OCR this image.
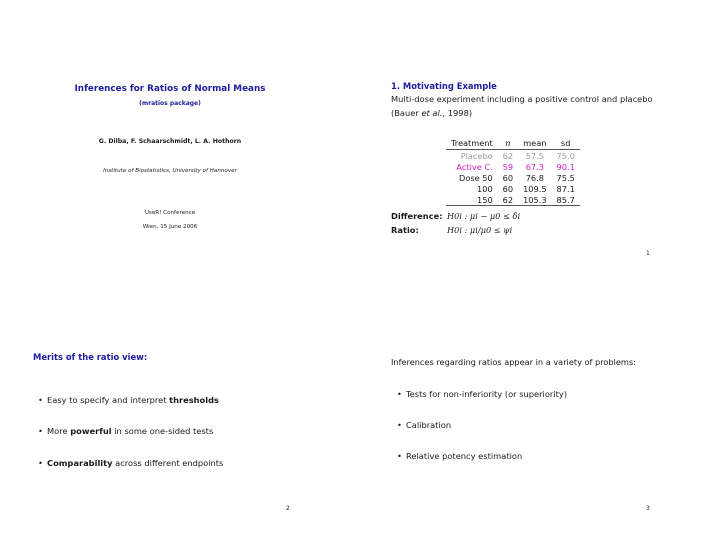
Inferences for Ratios of Normal Means
(mratios package)
G. Dilba, F. Schaarschmidt, L. A. Hothorn
Institute of Biostatistics, University of Hannover
UseR! Conference
Wien, 15 June 2006
1. Motivating Example
Multi-dose experiment including a positive control and placebo
(Bauer et al., 1998)
Treatment	n	mean	sd
Placebo	62	57.5	75.0
Active C.	59	67.3	90.1
Dose 50	60	76.8	75.5
100	60	109.5	87.1
150	62	105.3	85.7
Difference: H0i : μi − μ0 ≤ δi
Ratio:	H0i : μi/μ0 ≤ ψi
1
Merits of the ratio view:
• Easy to specify and interpret thresholds
• More powerful in some one-sided tests
• Comparability across different endpoints
2
Inferences regarding ratios appear in a variety of problems:
• Tests for non-inferiority (or superiority)
• Calibration
• Relative potency estimation
3
